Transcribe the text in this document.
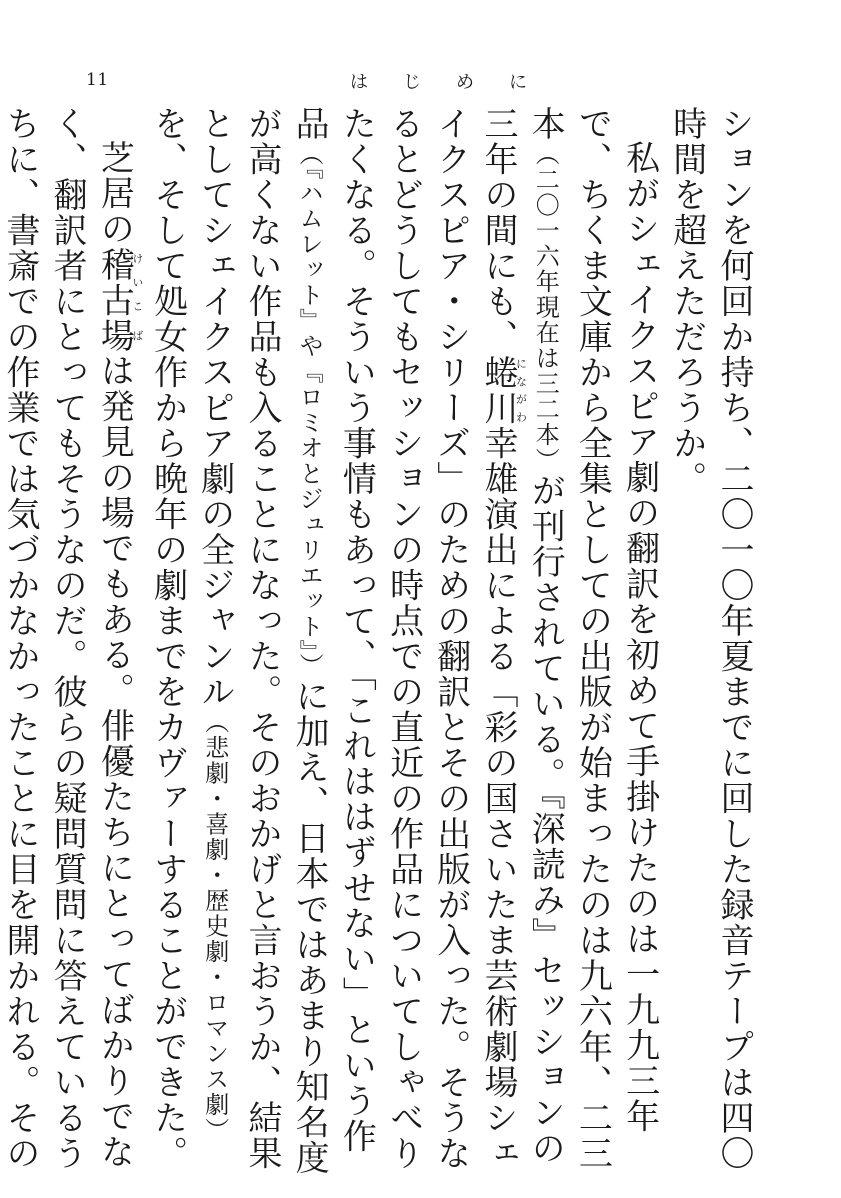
11	はじめに

ションを何回か持ち、二〇一〇年夏までに回した録音テープは四〇時間を超えただろうか。

私がシェイクスピア劇の翻訳を初めて手掛けたのは一九九三年で、ちくま文庫から全集としての出版が始まったのは九六年、二三本（二〇一六年現在は三二本）が刊行されている。『深読み』セッションの三年の間にも、蜷川にながわ幸雄演出による「彩の国さいたま芸術劇場シェイクスピア・シリーズ」のための翻訳とその出版が入った。そうなるとどうしてもセッションの時点での直近の作品についてしゃべりたくなる。そういう事情もあって、「これははずせない」という作品（『ハムレット』や『ロミオとジュリエット』）に加え、日本ではあまり知名度が高くない作品も入ることになった。そのおかげと言おうか、結果としてシェイクスピア劇の全ジャンル（悲劇・喜劇・歴史劇・ロマンス劇）を、そして処女作から晩年の劇までをカヴァーすることができた。

芝居の稽古けいこ場ばは発見の場でもある。俳優たちにとってばかりでなく、翻訳者にとってもそうなのだ。彼らの疑問質問に答えているうちに、書斎での作業では気づかなかったことに目を開かれる。その
